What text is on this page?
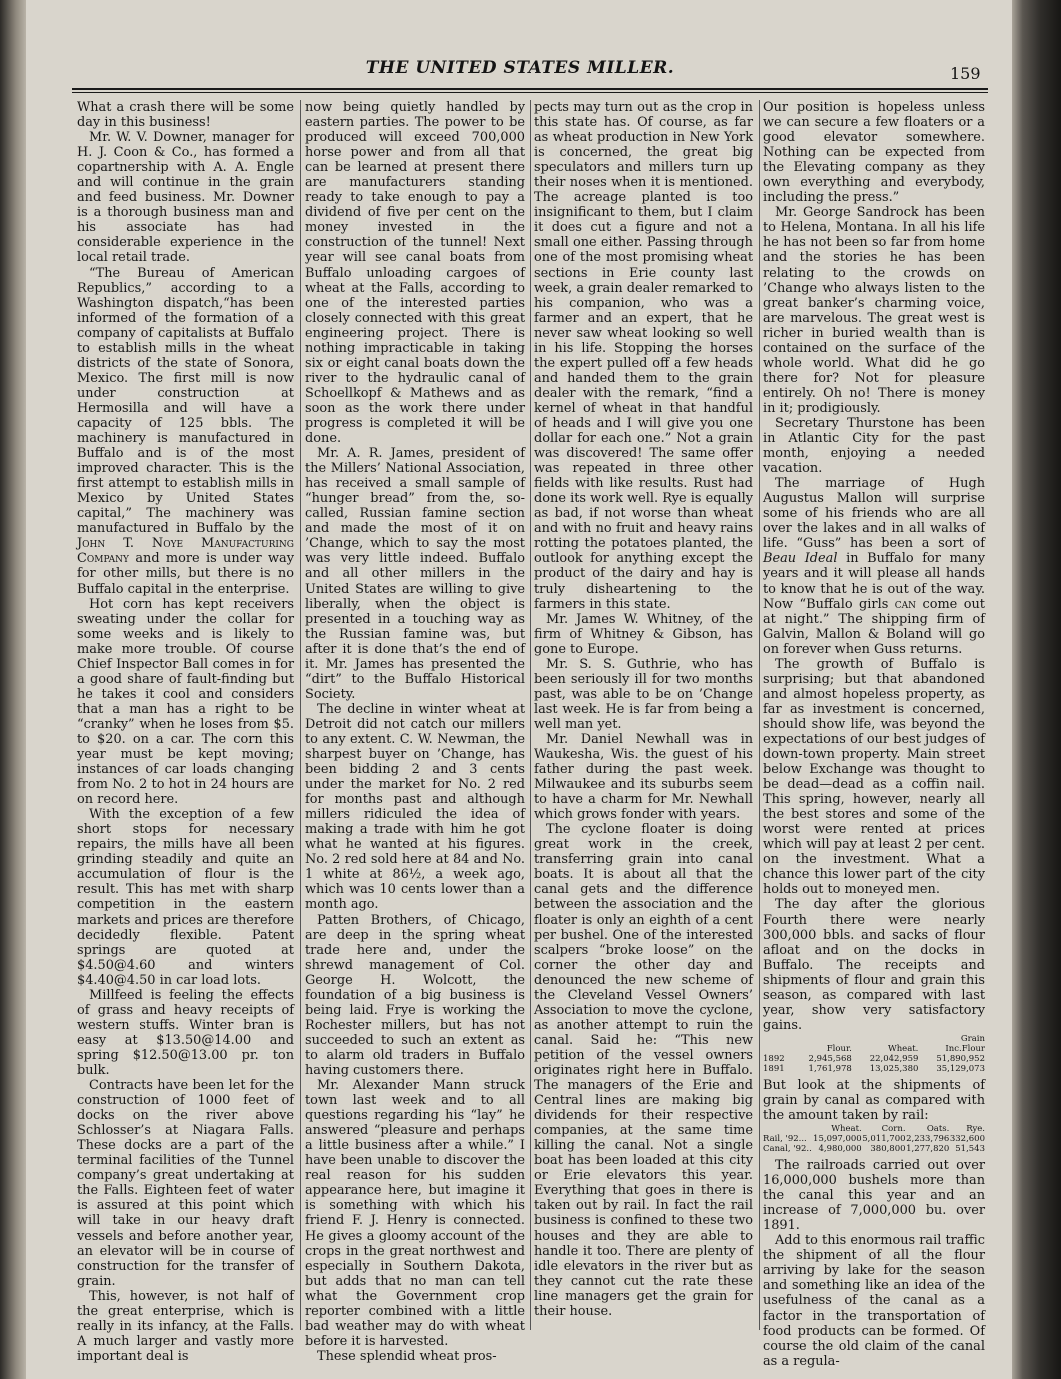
THE UNITED STATES MILLER.	159

What a crash there will be some day in this business!

Mr. W. V. Downer, manager for H. J. Coon & Co., has formed a copartnership with A. A. Engle and will continue in the grain and feed business. Mr. Downer is a thorough business man and his associate has had considerable experience in the local retail trade.

“The Bureau of American Republics,” according to a Washington dispatch,“has been informed of the formation of a company of capitalists at Buffalo to establish mills in the wheat districts of the state of Sonora, Mexico. The first mill is now under construction at Hermosilla and will have a capacity of 125 bbls. The machinery is manufactured in Buffalo and is of the most improved character. This is the first attempt to establish mills in Mexico by United States capital,” The machinery was manufactured in Buffalo by the John T. Noye Manufacturing Company and more is under way for other mills, but there is no Buffalo capital in the enterprise.

Hot corn has kept receivers sweating under the collar for some weeks and is likely to make more trouble. Of course Chief Inspector Ball comes in for a good share of fault-finding but he takes it cool and considers that a man has a right to be “cranky” when he loses from $5. to $20. on a car. The corn this year must be kept moving; instances of car loads changing from No. 2 to hot in 24 hours are on record here.

With the exception of a few short stops for necessary repairs, the mills have all been grinding steadily and quite an accumulation of flour is the result. This has met with sharp competition in the eastern markets and prices are therefore decidedly flexible. Patent springs are quoted at $4.50@4.60 and winters $4.40@4.50 in car load lots.

Millfeed is feeling the effects of grass and heavy receipts of western stuffs. Winter bran is easy at $13.50@14.00 and spring $12.50@13.00 pr. ton bulk.

Contracts have been let for the construction of 1000 feet of docks on the river above Schlosser’s at Niagara Falls. These docks are a part of the terminal facilities of the Tunnel company’s great undertaking at the Falls. Eighteen feet of water is assured at this point which will take in our heavy draft vessels and before another year, an elevator will be in course of construction for the transfer of grain.

This, however, is not half of the great enterprise, which is really in its infancy, at the Falls. A much larger and vastly more important deal is

now being quietly handled by eastern parties. The power to be produced will exceed 700,000 horse power and from all that can be learned at present there are manufacturers standing ready to take enough to pay a dividend of five per cent on the money invested in the construction of the tunnel! Next year will see canal boats from Buffalo unloading cargoes of wheat at the Falls, according to one of the interested parties closely connected with this great engineering project. There is nothing impracticable in taking six or eight canal boats down the river to the hydraulic canal of Schoellkopf & Mathews and as soon as the work there under progress is completed it will be done.

Mr. A. R. James, president of the Millers’ National Association, has received a small sample of “hunger bread” from the, so-called, Russian famine section and made the most of it on ’Change, which to say the most was very little indeed. Buffalo and all other millers in the United States are willing to give liberally, when the object is presented in a touching way as the Russian famine was, but after it is done that’s the end of it. Mr. James has presented the “dirt” to the Buffalo Historical Society.

The decline in winter wheat at Detroit did not catch our millers to any extent. C. W. Newman, the sharpest buyer on ’Change, has been bidding 2 and 3 cents under the market for No. 2 red for months past and although millers ridiculed the idea of making a trade with him he got what he wanted at his figures. No. 2 red sold here at 84 and No. 1 white at 86½, a week ago, which was 10 cents lower than a month ago.

Patten Brothers, of Chicago, are deep in the spring wheat trade here and, under the shrewd management of Col. George H. Wolcott, the foundation of a big business is being laid. Frye is working the Rochester millers, but has not succeeded to such an extent as to alarm old traders in Buffalo having customers there.

Mr. Alexander Mann struck town last week and to all questions regarding his “lay” he answered “pleasure and perhaps a little business after a while.” I have been unable to discover the real reason for his sudden appearance here, but imagine it is something with which his friend F. J. Henry is connected. He gives a gloomy account of the crops in the great northwest and especially in Southern Dakota, but adds that no man can tell what the Government crop reporter combined with a little bad weather may do with wheat before it is harvested.

These splendid wheat pros-

pects may turn out as the crop in this state has. Of course, as far as wheat production in New York is concerned, the great big speculators and millers turn up their noses when it is mentioned. The acreage planted is too insignificant to them, but I claim it does cut a figure and not a small one either. Passing through one of the most promising wheat sections in Erie county last week, a grain dealer remarked to his companion, who was a farmer and an expert, that he never saw wheat looking so well in his life. Stopping the horses the expert pulled off a few heads and handed them to the grain dealer with the remark, “find a kernel of wheat in that handful of heads and I will give you one dollar for each one.” Not a grain was discovered! The same offer was repeated in three other fields with like results. Rust had done its work well. Rye is equally as bad, if not worse than wheat and with no fruit and heavy rains rotting the potatoes planted, the outlook for anything except the product of the dairy and hay is truly disheartening to the farmers in this state.

Mr. James W. Whitney, of the firm of Whitney & Gibson, has gone to Europe.

Mr. S. S. Guthrie, who has been seriously ill for two months past, was able to be on ’Change last week. He is far from being a well man yet.

Mr. Daniel Newhall was in Waukesha, Wis. the guest of his father during the past week. Milwaukee and its suburbs seem to have a charm for Mr. Newhall which grows fonder with years.

The cyclone floater is doing great work in the creek, transferring grain into canal boats. It is about all that the canal gets and the difference between the association and the floater is only an eighth of a cent per bushel. One of the interested scalpers “broke loose” on the corner the other day and denounced the new scheme of the Cleveland Vessel Owners’ Association to move the cyclone, as another attempt to ruin the canal. Said he: “This new petition of the vessel owners originates right here in Buffalo. The managers of the Erie and Central lines are making big dividends for their respective companies, at the same time killing the canal. Not a single boat has been loaded at this city or Erie elevators this year. Everything that goes in there is taken out by rail. In fact the rail business is confined to these two houses and they are able to handle it too. There are plenty of idle elevators in the river but as they cannot cut the rate these line managers get the grain for their house.

Our position is hopeless unless we can secure a few floaters or a good elevator somewhere. Nothing can be expected from the Elevating company as they own everything and everybody, including the press.”

Mr. George Sandrock has been to Helena, Montana. In all his life he has not been so far from home and the stories he has been relating to the crowds on ’Change who always listen to the great banker’s charming voice, are marvelous. The great west is richer in buried wealth than is contained on the surface of the whole world. What did he go there for? Not for pleasure entirely. Oh no! There is money in it; prodigiously.

Secretary Thurstone has been in Atlantic City for the past month, enjoying a needed vacation.

The marriage of Hugh Augustus Mallon will surprise some of his friends who are all over the lakes and in all walks of life. “Guss” has been a sort of Beau Ideal in Buffalo for many years and it will please all hands to know that he is out of the way. Now “Buffalo girls can come out at night.” The shipping firm of Galvin, Mallon & Boland will go on forever when Guss returns.

The growth of Buffalo is surprising; but that abandoned and almost hopeless property, as far as investment is concerned, should show life, was beyond the expectations of our best judges of down-town property. Main street below Exchange was thought to be dead—dead as a coffin nail. This spring, however, nearly all the best stores and some of the worst were rented at prices which will pay at least 2 per cent. on the investment. What a chance this lower part of the city holds out to moneyed men.

The day after the glorious Fourth there were nearly 300,000 bbls. and sacks of flour afloat and on the docks in Buffalo. The receipts and shipments of flour and grain this season, as compared with last year, show very satisfactory gains.

			Grain
	Flour.	Wheat.	Inc.Flour
1892	2,945,568	22,042,959	51,890,952
1891	1,761,978	13,025,380	35,129,073

But look at the shipments of grain by canal as compared with the amount taken by rail:

	Wheat.	Corn.	Oats.	Rye.
Rail, '92...	15,097,000	5,011,700	2,233,796	332,600
Canal, '92..	4,980,000	380,800	1,277,820	51,543

The railroads carried out over 16,000,000 bushels more than the canal this year and an increase of 7,000,000 bu. over 1891.

Add to this enormous rail traffic the shipment of all the flour arriving by lake for the season and something like an idea of the usefulness of the canal as a factor in the transportation of food products can be formed. Of course the old claim of the canal as a regula-
